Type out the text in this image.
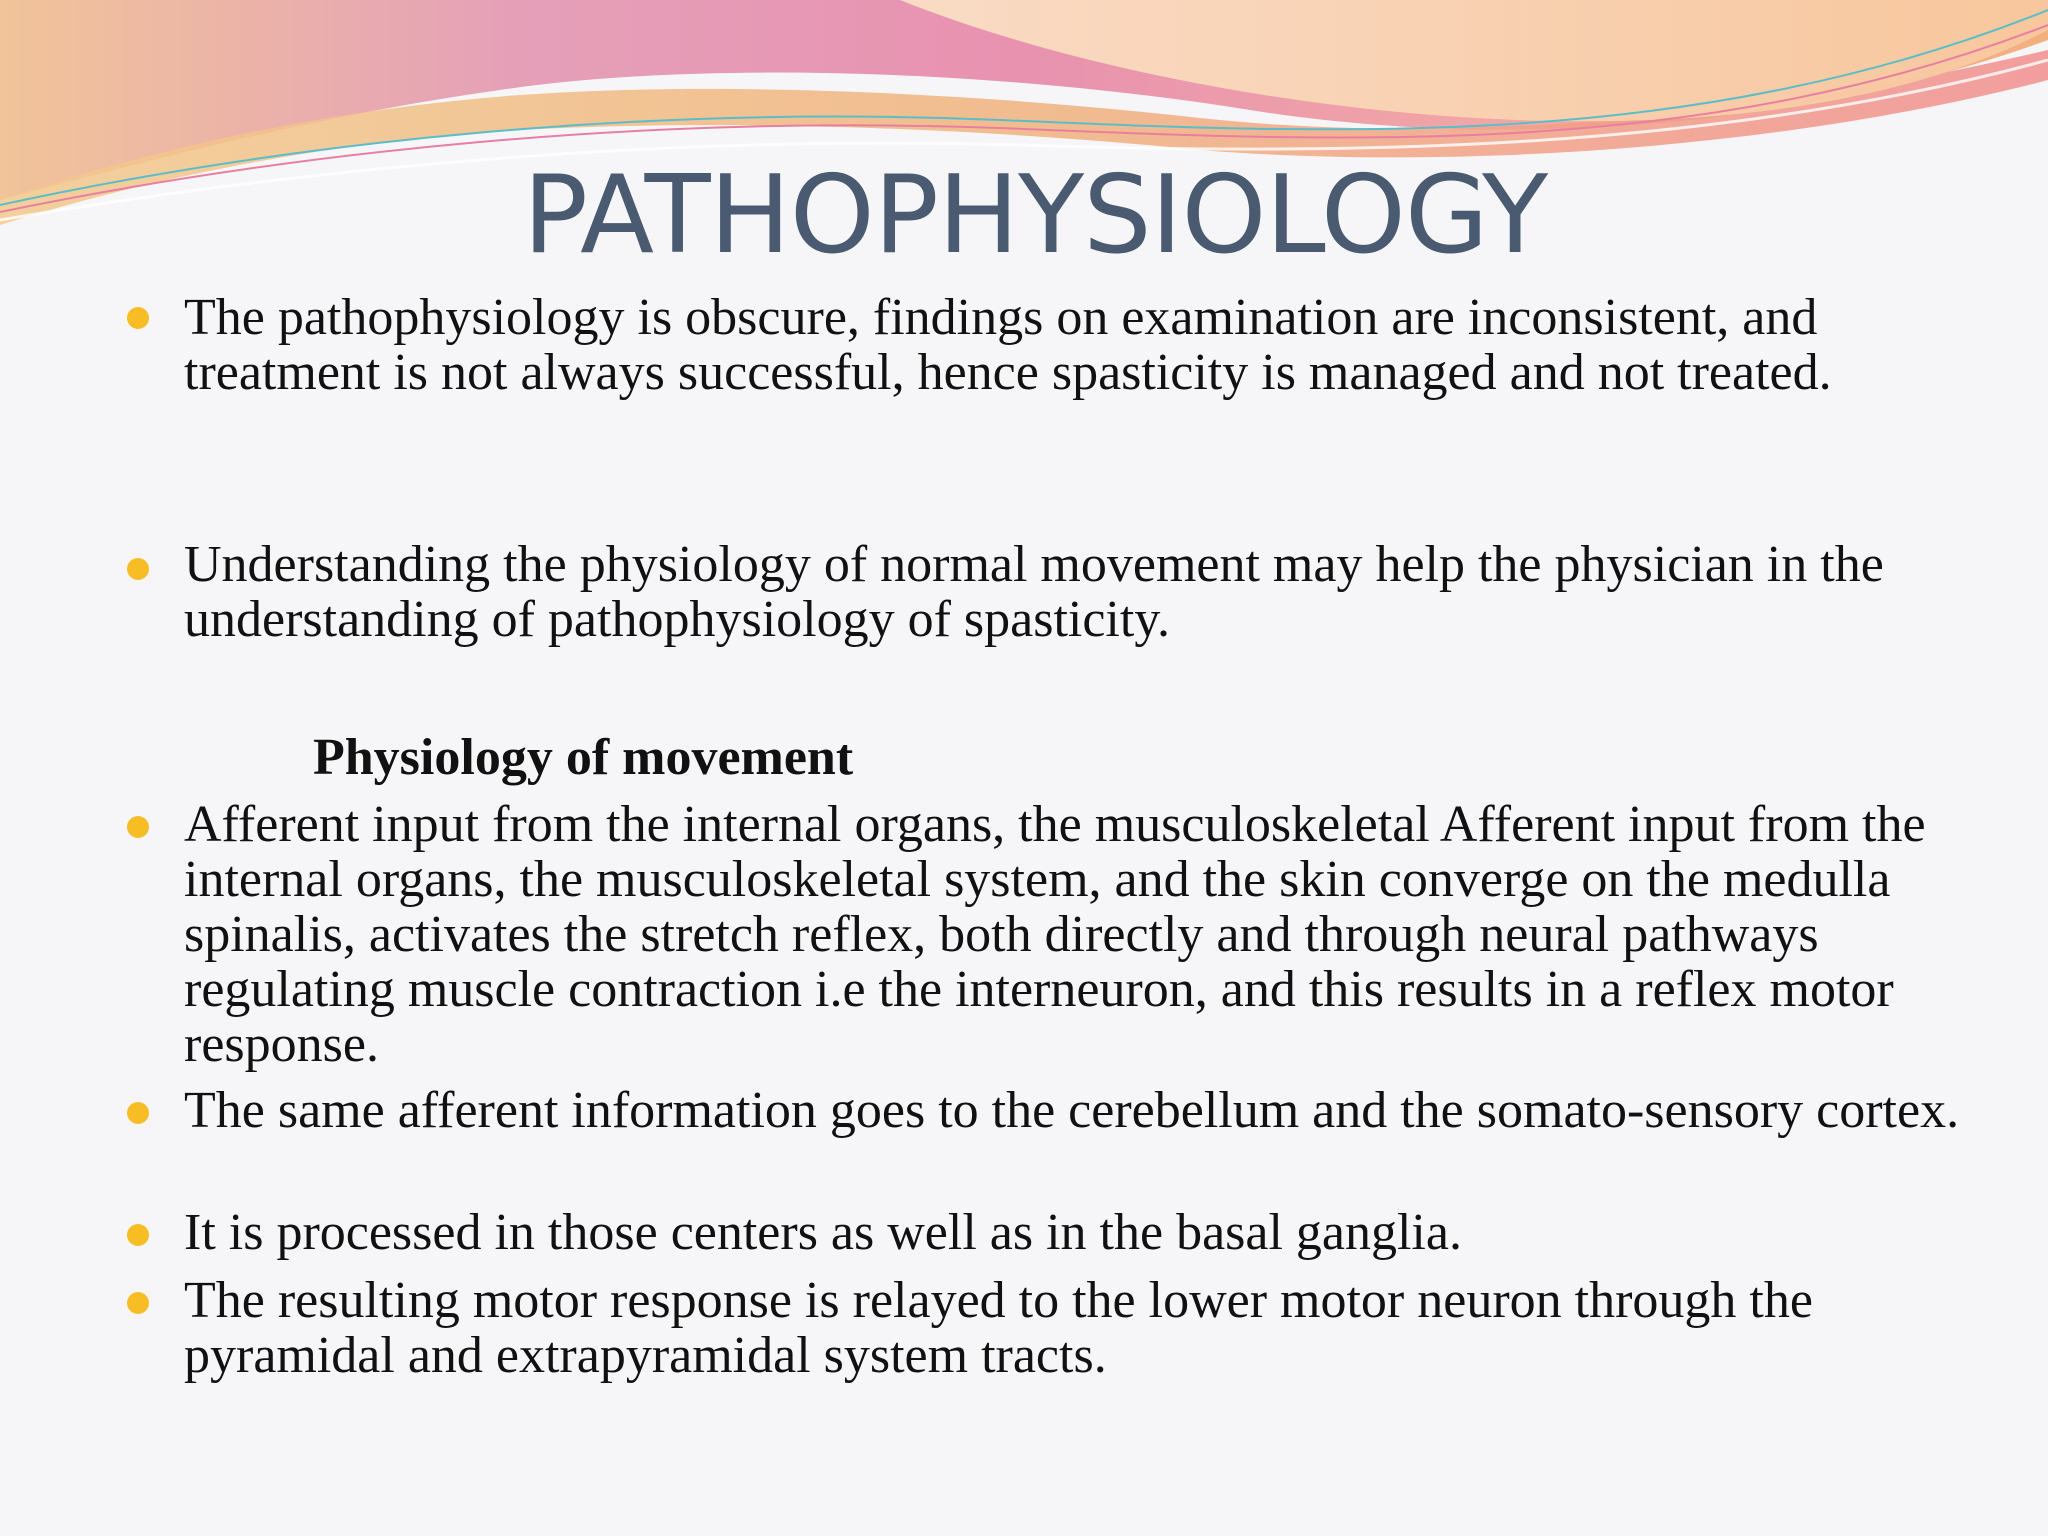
PATHOPHYSIOLOGY

The pathophysiology is obscure, findings on examination are inconsistent, and treatment is not always successful, hence spasticity is managed and not treated.

Understanding the physiology of normal movement may help the physician in the understanding of pathophysiology of spasticity.

Physiology of movement

Afferent input from the internal organs, the musculoskeletal Afferent input from the internal organs, the musculoskeletal system, and the skin converge on the medulla spinalis, activates the stretch reflex, both directly and through neural pathways regulating muscle contraction i.e the interneuron, and this results in a reflex motor response.

The same afferent information goes to the cerebellum and the somato-sensory cortex.

It is processed in those centers as well as in the basal ganglia.

The resulting motor response is relayed to the lower motor neuron through the pyramidal and extrapyramidal system tracts.
